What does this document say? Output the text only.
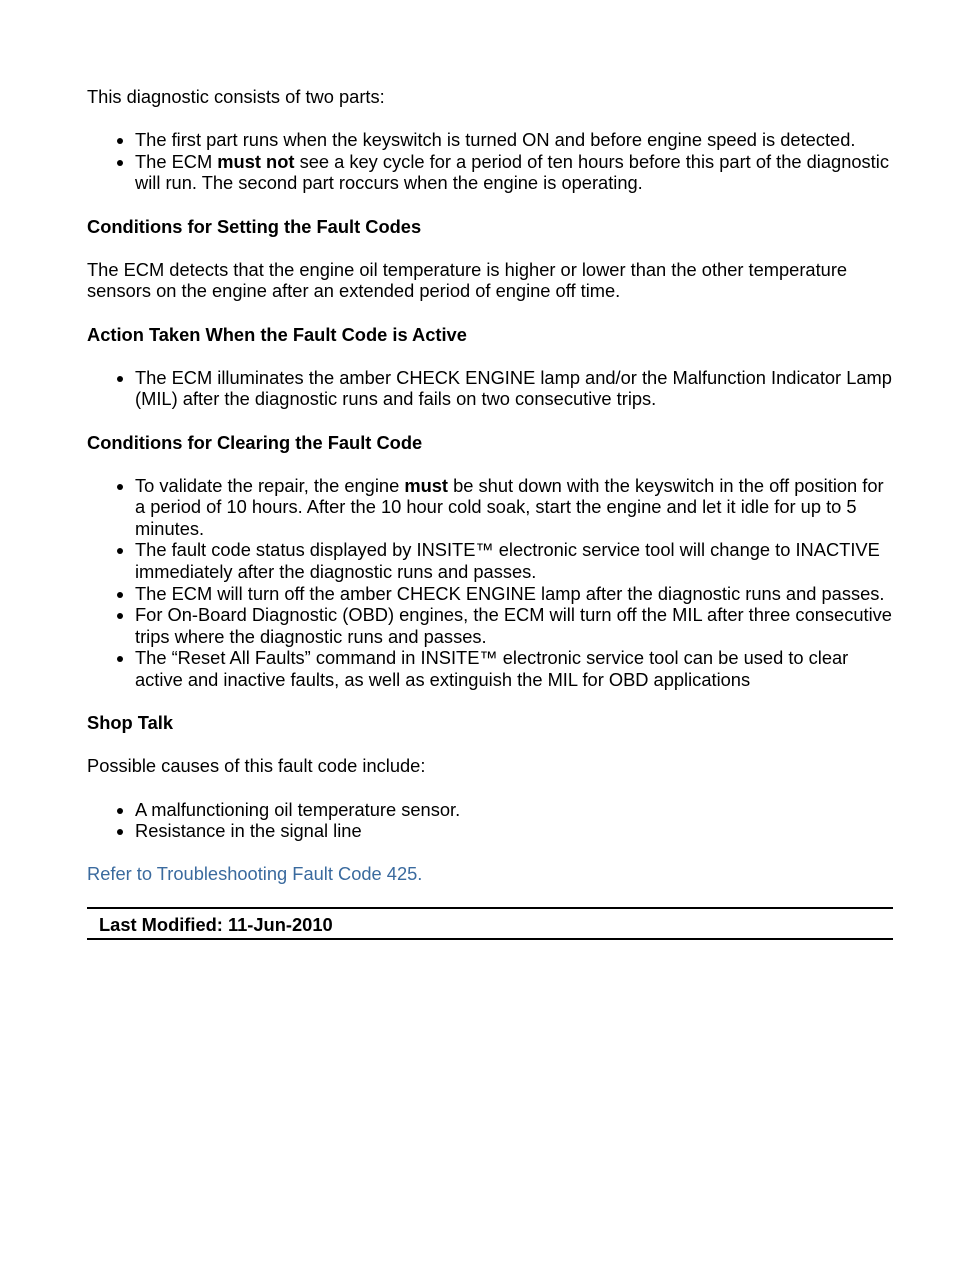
This diagnostic consists of two parts:

The first part runs when the keyswitch is turned ON and before engine speed is detected.
The ECM must not see a key cycle for a period of ten hours before this part of the diagnostic will run. The second part roccurs when the engine is operating.

Conditions for Setting the Fault Codes

The ECM detects that the engine oil temperature is higher or lower than the other temperature sensors on the engine after an extended period of engine off time.

Action Taken When the Fault Code is Active

The ECM illuminates the amber CHECK ENGINE lamp and/or the Malfunction Indicator Lamp (MIL) after the diagnostic runs and fails on two consecutive trips.

Conditions for Clearing the Fault Code

To validate the repair, the engine must be shut down with the keyswitch in the off position for a period of 10 hours. After the 10 hour cold soak, start the engine and let it idle for up to 5 minutes.
The fault code status displayed by INSITE™ electronic service tool will change to INACTIVE immediately after the diagnostic runs and passes.
The ECM will turn off the amber CHECK ENGINE lamp after the diagnostic runs and passes.
For On-Board Diagnostic (OBD) engines, the ECM will turn off the MIL after three consecutive trips where the diagnostic runs and passes.
The “Reset All Faults” command in INSITE™ electronic service tool can be used to clear active and inactive faults, as well as extinguish the MIL for OBD applications

Shop Talk

Possible causes of this fault code include:

A malfunctioning oil temperature sensor.
Resistance in the signal line

Refer to Troubleshooting Fault Code 425.

Last Modified: 11-Jun-2010
